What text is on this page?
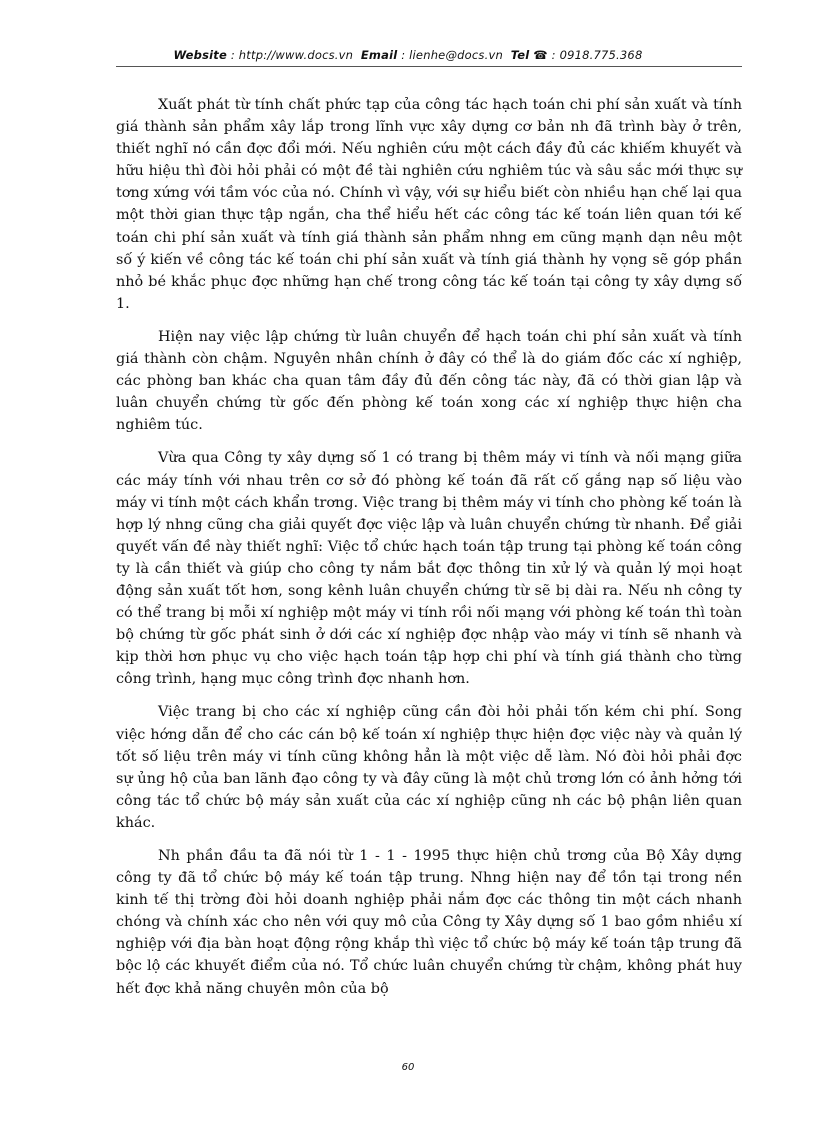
Website : http://www.docs.vn Email : lienhe@docs.vn Tel ☎ : 0918.775.368

Xuất phát từ tính chất phức tạp của công tác hạch toán chi phí sản xuất và tính giá thành sản phẩm xây lắp trong lĩnh vực xây dựng cơ bản nh đã trình bày ở trên, thiết nghĩ nó cần đợc đổi mới. Nếu nghiên cứu một cách đầy đủ các khiếm khuyết và hữu hiệu thì đòi hỏi phải có một đề tài nghiên cứu nghiêm túc và sâu sắc mới thực sự tơng xứng với tầm vóc của nó. Chính vì vậy, với sự hiểu biết còn nhiều hạn chế lại qua một thời gian thực tập ngắn, cha thể hiểu hết các công tác kế toán liên quan tới kế toán chi phí sản xuất và tính giá thành sản phẩm nhng em cũng mạnh dạn nêu một số ý kiến về công tác kế toán chi phí sản xuất và tính giá thành hy vọng sẽ góp phần nhỏ bé khắc phục đợc những hạn chế trong công tác kế toán tại công ty xây dựng số 1.

Hiện nay việc lập chứng từ luân chuyển để hạch toán chi phí sản xuất và tính giá thành còn chậm. Nguyên nhân chính ở đây có thể là do giám đốc các xí nghiệp, các phòng ban khác cha quan tâm đầy đủ đến công tác này, đã có thời gian lập và luân chuyển chứng từ gốc đến phòng kế toán xong các xí nghiệp thực hiện cha nghiêm túc.

Vừa qua Công ty xây dựng số 1 có trang bị thêm máy vi tính và nối mạng giữa các máy tính với nhau trên cơ sở đó phòng kế toán đã rất cố gắng nạp số liệu vào máy vi tính một cách khẩn trơng. Việc trang bị thêm máy vi tính cho phòng kế toán là hợp lý nhng cũng cha giải quyết đợc việc lập và luân chuyển chứng từ nhanh. Để giải quyết vấn đề này thiết nghĩ: Việc tổ chức hạch toán tập trung tại phòng kế toán công ty là cần thiết và giúp cho công ty nắm bắt đợc thông tin xử lý và quản lý mọi hoạt động sản xuất tốt hơn, song kênh luân chuyển chứng từ sẽ bị dài ra. Nếu nh công ty có thể trang bị mỗi xí nghiệp một máy vi tính rồi nối mạng với phòng kế toán thì toàn bộ chứng từ gốc phát sinh ở dới các xí nghiệp đợc nhập vào máy vi tính sẽ nhanh và kịp thời hơn phục vụ cho việc hạch toán tập hợp chi phí và tính giá thành cho từng công trình, hạng mục công trình đợc nhanh hơn.

Việc trang bị cho các xí nghiệp cũng cần đòi hỏi phải tốn kém chi phí. Song việc hớng dẫn để cho các cán bộ kế toán xí nghiệp thực hiện đợc việc này và quản lý tốt số liệu trên máy vi tính cũng không hẳn là một việc dễ làm. Nó đòi hỏi phải đợc sự ủng hộ của ban lãnh đạo công ty và đây cũng là một chủ trơng lớn có ảnh hởng tới công tác tổ chức bộ máy sản xuất của các xí nghiệp cũng nh các bộ phận liên quan khác.

Nh phần đầu ta đã nói từ 1 - 1 - 1995 thực hiện chủ trơng của Bộ Xây dựng công ty đã tổ chức bộ máy kế toán tập trung. Nhng hiện nay để tồn tại trong nền kinh tế thị trờng đòi hỏi doanh nghiệp phải nắm đợc các thông tin một cách nhanh chóng và chính xác cho nên với quy mô của Công ty Xây dựng số 1 bao gồm nhiều xí nghiệp với địa bàn hoạt động rộng khắp thì việc tổ chức bộ máy kế toán tập trung đã bộc lộ các khuyết điểm của nó. Tổ chức luân chuyển chứng từ chậm, không phát huy hết đợc khả năng chuyên môn của bộ

60
